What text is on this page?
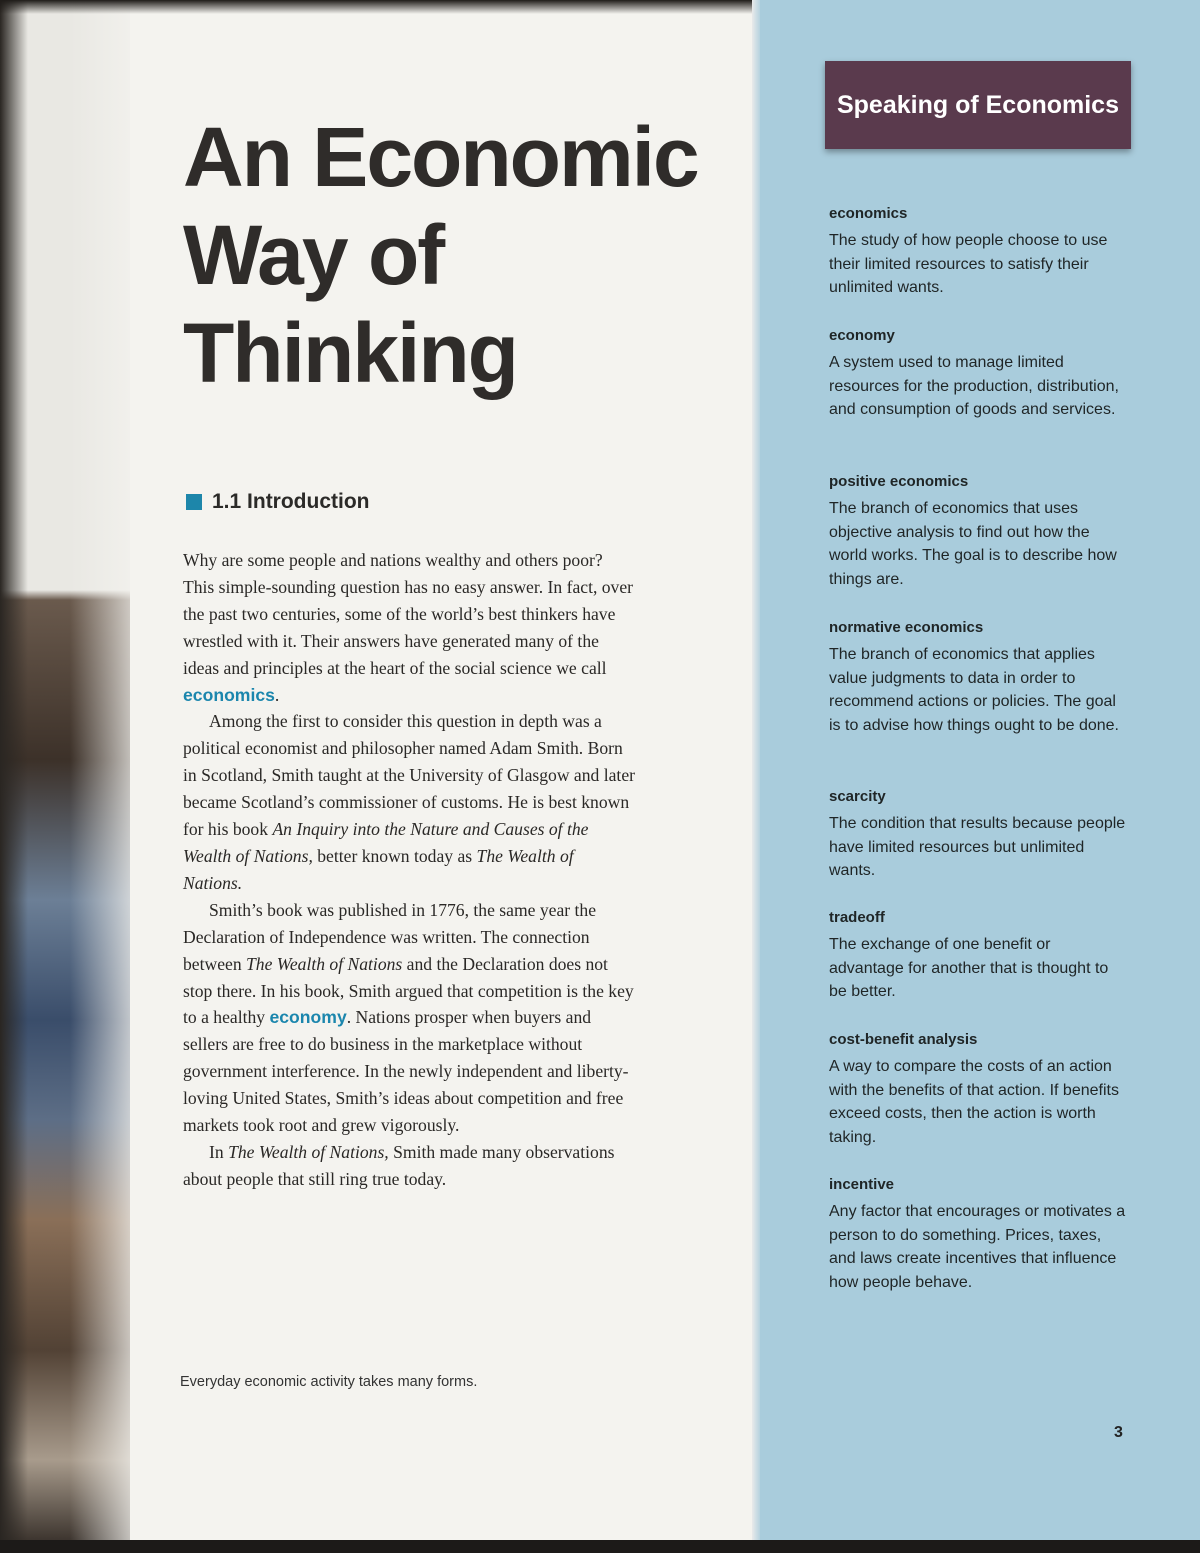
An Economic
Way of
Thinking
1.1 Introduction

Why are some people and nations wealthy and others poor? This simple-sounding question has no easy answer. In fact, over the past two centuries, some of the world’s best thinkers have wrestled with it. Their answers have generated many of the ideas and principles at the heart of the social science we call economics.

Among the first to consider this question in depth was a political economist and philosopher named Adam Smith. Born in Scotland, Smith taught at the University of Glasgow and later became Scotland’s commissioner of customs. He is best known for his book An Inquiry into the Nature and Causes of the Wealth of Nations, better known today as The Wealth of Nations.

Smith’s book was published in 1776, the same year the Declaration of Independence was written. The connection between The Wealth of Nations and the Declaration does not stop there. In his book, Smith argued that competition is the key to a healthy economy. Nations prosper when buyers and sellers are free to do business in the marketplace without government interference. In the newly independent and liberty-loving United States, Smith’s ideas about competition and free markets took root and grew vigorously.

In The Wealth of Nations, Smith made many observations about people that still ring true today.

Everyday economic activity takes many forms.
Speaking of Economics
economics
The study of how people choose to use their limited resources to satisfy their unlimited wants.
economy
A system used to manage limited resources for the production, distribution, and consumption of goods and services.
positive economics
The branch of economics that uses objective analysis to find out how the world works. The goal is to describe how things are.
normative economics
The branch of economics that applies value judgments to data in order to recommend actions or policies. The goal is to advise how things ought to be done.
scarcity
The condition that results because people have limited resources but unlimited wants.
tradeoff
The exchange of one benefit or advantage for another that is thought to be better.
cost-benefit analysis
A way to compare the costs of an action with the benefits of that action. If benefits exceed costs, then the action is worth taking.
incentive
Any factor that encourages or motivates a person to do something. Prices, taxes, and laws create incentives that influence how people behave.
3
